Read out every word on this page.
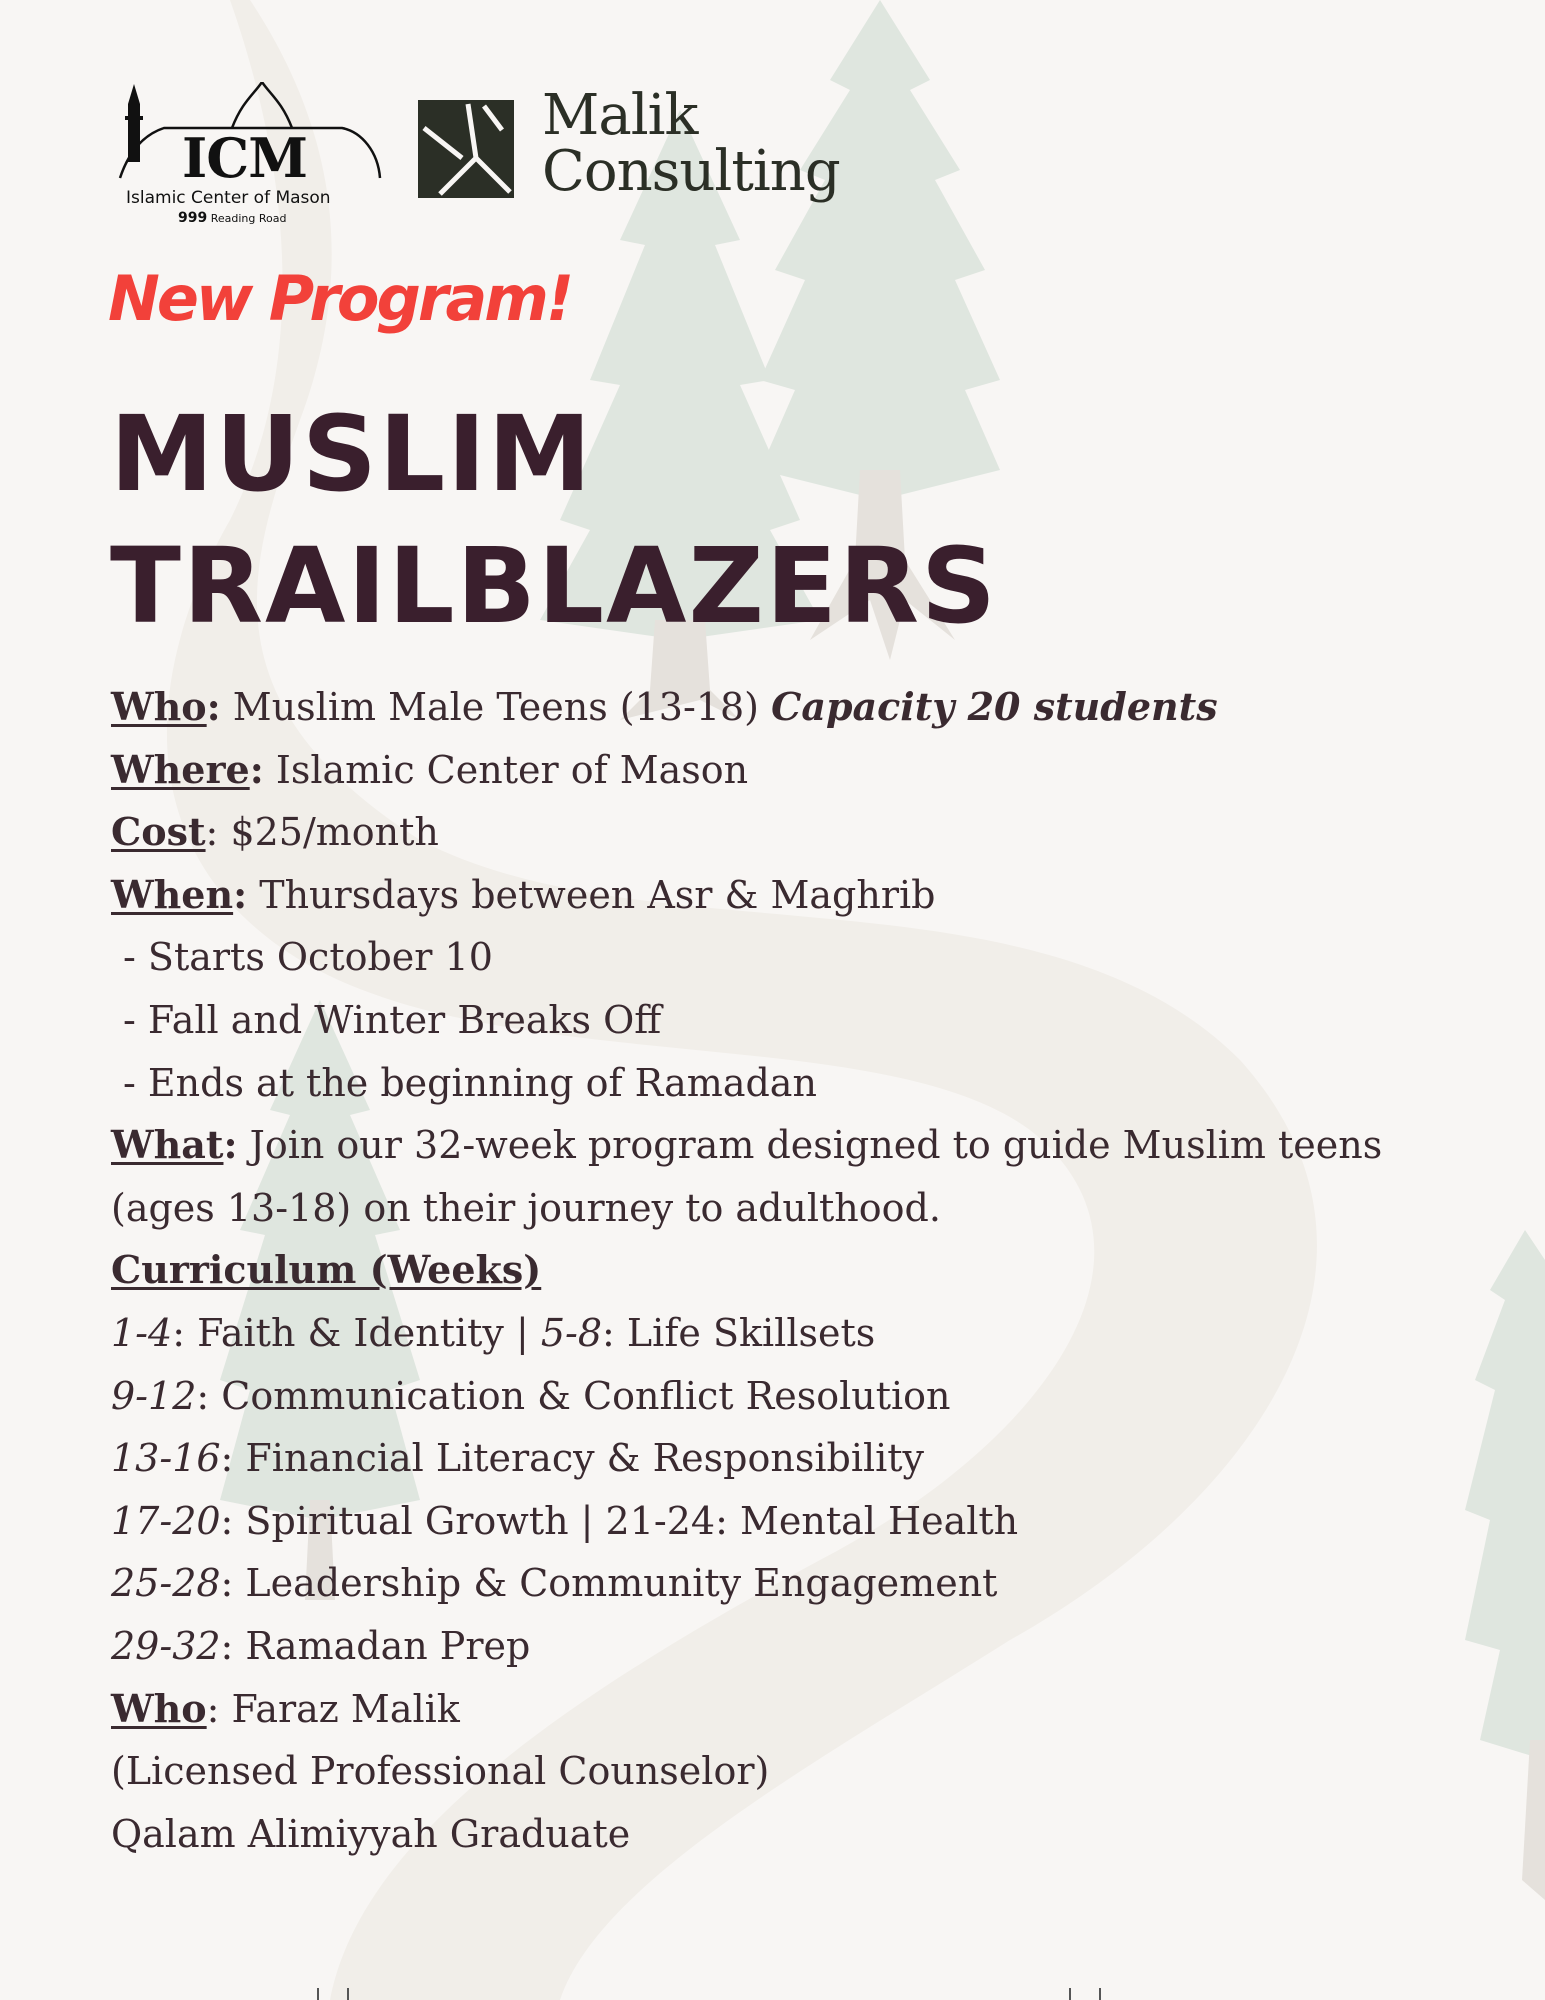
ICM
Islamic Center of Mason
999 Reading Road
Malik
Consulting
New Program!
MUSLIM
TRAILBLAZERS
Who: Muslim Male Teens (13-18) Capacity 20 students
Where: Islamic Center of Mason
Cost: $25/month
When: Thursdays between Asr & Maghrib
- Starts October 10
- Fall and Winter Breaks Off
- Ends at the beginning of Ramadan
What: Join our 32-week program designed to guide Muslim teens (ages 13-18) on their journey to adulthood.
Curriculum (Weeks)
1-4: Faith & Identity | 5-8: Life Skillsets
9-12: Communication & Conflict Resolution
13-16: Financial Literacy & Responsibility
17-20: Spiritual Growth | 21-24: Mental Health
25-28: Leadership & Community Engagement
29-32: Ramadan Prep
Who: Faraz Malik
(Licensed Professional Counselor)
Qalam Alimiyyah Graduate
